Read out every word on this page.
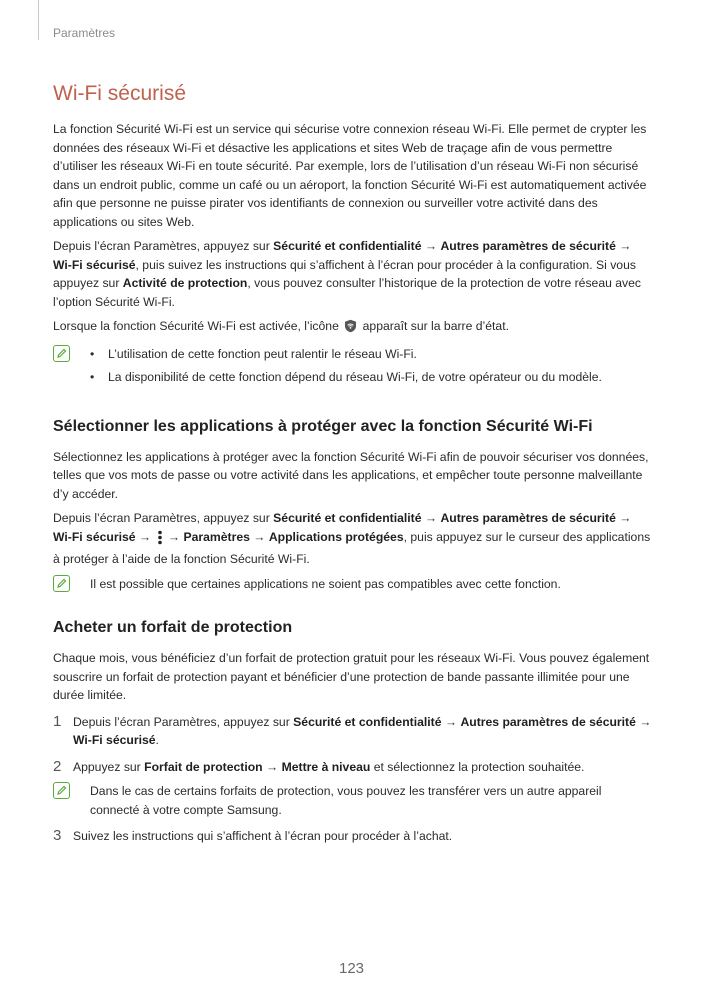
Paramètres
Wi-Fi sécurisé

La fonction Sécurité Wi-Fi est un service qui sécurise votre connexion réseau Wi-Fi. Elle permet de crypter les données des réseaux Wi-Fi et désactive les applications et sites Web de traçage afin de vous permettre d’utiliser les réseaux Wi-Fi en toute sécurité. Par exemple, lors de l’utilisation d’un réseau Wi-Fi non sécurisé dans un endroit public, comme un café ou un aéroport, la fonction Sécurité Wi-Fi est automatiquement activée afin que personne ne puisse pirater vos identifiants de connexion ou surveiller votre activité dans des applications ou sites Web.

Depuis l’écran Paramètres, appuyez sur Sécurité et confidentialité → Autres paramètres de sécurité → Wi-Fi sécurisé, puis suivez les instructions qui s’affichent à l’écran pour procéder à la configuration. Si vous appuyez sur Activité de protection, vous pouvez consulter l’historique de la protection de votre réseau avec l’option Sécurité Wi-Fi.

Lorsque la fonction Sécurité Wi-Fi est activée, l’icône  apparaît sur la barre d’état.

• L’utilisation de cette fonction peut ralentir le réseau Wi-Fi.
• La disponibilité de cette fonction dépend du réseau Wi-Fi, de votre opérateur ou du modèle.
Sélectionner les applications à protéger avec la fonction Sécurité Wi-Fi

Sélectionnez les applications à protéger avec la fonction Sécurité Wi-Fi afin de pouvoir sécuriser vos données, telles que vos mots de passe ou votre activité dans les applications, et empêcher toute personne malveillante d’y accéder.

Depuis l’écran Paramètres, appuyez sur Sécurité et confidentialité → Autres paramètres de sécurité → Wi-Fi sécurisé →  → Paramètres → Applications protégées, puis appuyez sur le curseur des applications à protéger à l’aide de la fonction Sécurité Wi-Fi.

Il est possible que certaines applications ne soient pas compatibles avec cette fonction.
Acheter un forfait de protection

Chaque mois, vous bénéficiez d’un forfait de protection gratuit pour les réseaux Wi-Fi. Vous pouvez également souscrire un forfait de protection payant et bénéficier d’une protection de bande passante illimitée pour une durée limitée.

1 Depuis l’écran Paramètres, appuyez sur Sécurité et confidentialité → Autres paramètres de sécurité → Wi-Fi sécurisé.
2 Appuyez sur Forfait de protection → Mettre à niveau et sélectionnez la protection souhaitée.
Dans le cas de certains forfaits de protection, vous pouvez les transférer vers un autre appareil connecté à votre compte Samsung.
3 Suivez les instructions qui s’affichent à l’écran pour procéder à l’achat.
123
